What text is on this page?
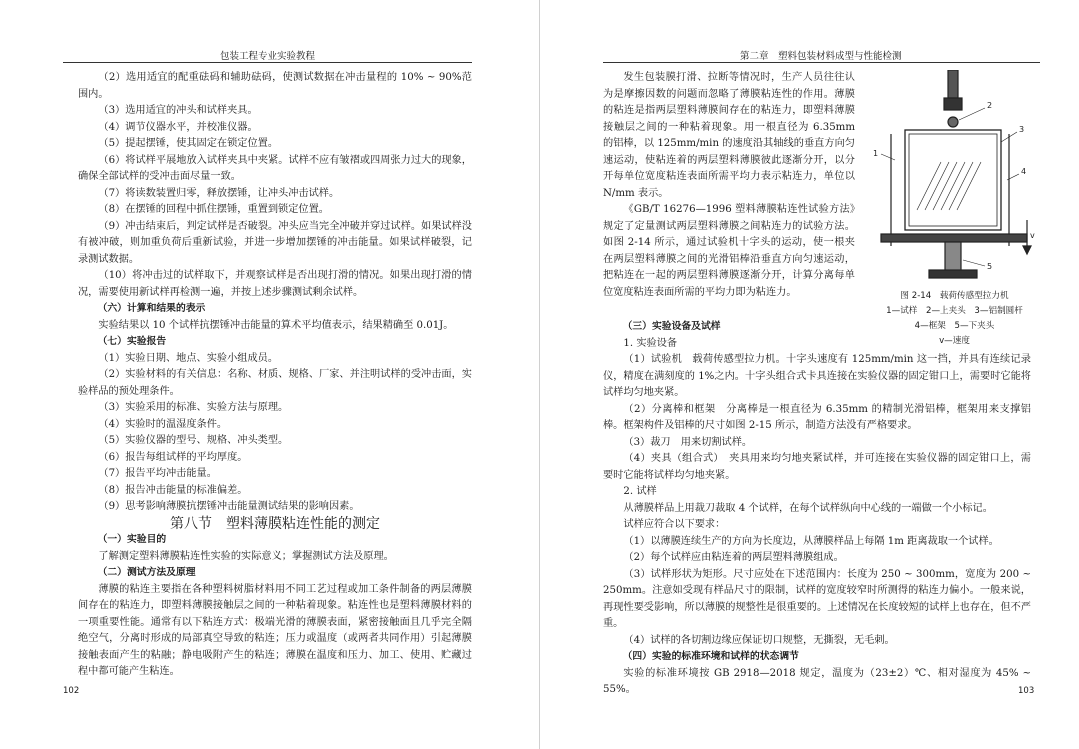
包装工程专业实验教程

（2）选用适宜的配重砝码和辅助砝码，使测试数据在冲击量程的 10% ~ 90%范围内。

（3）选用适宜的冲头和试样夹具。

（4）调节仪器水平，并校准仪器。

（5）提起摆锤，使其固定在锁定位置。

（6）将试样平展地放入试样夹具中夹紧。试样不应有皱褶或四周张力过大的现象，确保全部试样的受冲击面尽量一致。

（7）将读数装置归零，释放摆锤，让冲头冲击试样。

（8）在摆锤的回程中抓住摆锤，重置到锁定位置。

（9）冲击结束后，判定试样是否破裂。冲头应当完全冲破并穿过试样。如果试样没有被冲破，则加重负荷后重新试验，并进一步增加摆锤的冲击能量。如果试样破裂，记录测试数据。

（10）将冲击过的试样取下，并观察试样是否出现打滑的情况。如果出现打滑的情况，需要使用新试样再检测一遍，并按上述步骤测试剩余试样。

（六）计算和结果的表示

实验结果以 10 个试样抗摆锤冲击能量的算术平均值表示，结果精确至 0.01J。

（七）实验报告

（1）实验日期、地点、实验小组成员。

（2）实验材料的有关信息：名称、材质、规格、厂家、并注明试样的受冲击面，实验样品的预处理条件。

（3）实验采用的标准、实验方法与原理。

（4）实验时的温湿度条件。

（5）实验仪器的型号、规格、冲头类型。

（6）报告每组试样的平均厚度。

（7）报告平均冲击能量。

（8）报告冲击能量的标准偏差。

（9）思考影响薄膜抗摆锤冲击能量测试结果的影响因素。

第八节　塑料薄膜粘连性能的测定

（一）实验目的

了解测定塑料薄膜粘连性实验的实际意义；掌握测试方法及原理。

（二）测试方法及原理

薄膜的粘连主要指在各种塑料树脂材料用不同工艺过程或加工条件制备的两层薄膜间存在的粘连力，即塑料薄膜接触层之间的一种粘着现象。粘连性也是塑料薄膜材料的一项重要性能。通常有以下粘连方式：极端光滑的薄膜表面，紧密接触面且几乎完全隔绝空气，分离时形成的局部真空导致的粘连；压力或温度（或两者共同作用）引起薄膜接触表面产生的粘融；静电吸附产生的粘连；薄膜在温度和压力、加工、使用、贮藏过程中都可能产生粘连。

102
第二章　塑料包装材料成型与性能检测

发生包装膜打滑、拉断等情况时，生产人员往往认为是摩擦因数的问题而忽略了薄膜粘连性的作用。薄膜的粘连是指两层塑料薄膜间存在的粘连力，即塑料薄膜接触层之间的一种粘着现象。用一根直径为 6.35mm 的铝棒，以 125mm/min 的速度沿其轴线的垂直方向匀速运动，使粘连着的两层塑料薄膜彼此逐渐分开，以分开每单位宽度粘连表面所需平均力表示粘连力，单位以 N/mm 表示。

《GB/T 16276—1996 塑料薄膜粘连性试验方法》规定了定量测试两层塑料薄膜之间粘连力的试验方法。如图 2-14 所示，通过试验机十字头的运动，使一根夹在两层塑料薄膜之间的光滑铝棒沿垂直方向匀速运动，把粘连在一起的两层塑料薄膜逐渐分开，计算分离每单位宽度粘连表面所需的平均力即为粘连力。

2
3
4
1
5
v
图 2-14　载荷传感型拉力机
1—试样　2—上夹头　3—铝制圆杆
4—框架　5—下夹头
v—速度

（三）实验设备及试样

1. 实验设备

（1）试验机　载荷传感型拉力机。十字头速度有 125mm/min 这一挡，并具有连续记录仪，精度在满刻度的 1%之内。十字头组合式卡具连接在实验仪器的固定钳口上，需要时它能将试样均匀地夹紧。

（2）分离棒和框架　分离棒是一根直径为 6.35mm 的精制光滑铝棒，框架用来支撑铝棒。框架构件及铝棒的尺寸如图 2-15 所示，制造方法没有严格要求。

（3）裁刀　用来切割试样。

（4）夹具（组合式）　夹具用来均匀地夹紧试样，并可连接在实验仪器的固定钳口上，需要时它能将试样均匀地夹紧。

2. 试样

从薄膜样品上用裁刀裁取 4 个试样，在每个试样纵向中心线的一端做一个小标记。

试样应符合以下要求：

（1）以薄膜连续生产的方向为长度边，从薄膜样品上每隔 1m 距离裁取一个试样。

（2）每个试样应由粘连着的两层塑料薄膜组成。

（3）试样形状为矩形。尺寸应处在下述范围内：长度为 250 ~ 300mm，宽度为 200 ~ 250mm。注意如受现有样品尺寸的限制，试样的宽度较窄时所测得的粘连力偏小。一般来说，再现性要受影响，所以薄膜的规整性是很重要的。上述情况在长度较短的试样上也存在，但不严重。

（4）试样的各切割边缘应保证切口规整，无撕裂，无毛刺。

（四）实验的标准环境和试样的状态调节

实验的标准环境按 GB 2918—2018 规定，温度为（23±2）℃、相对湿度为 45% ~ 55%。	103
